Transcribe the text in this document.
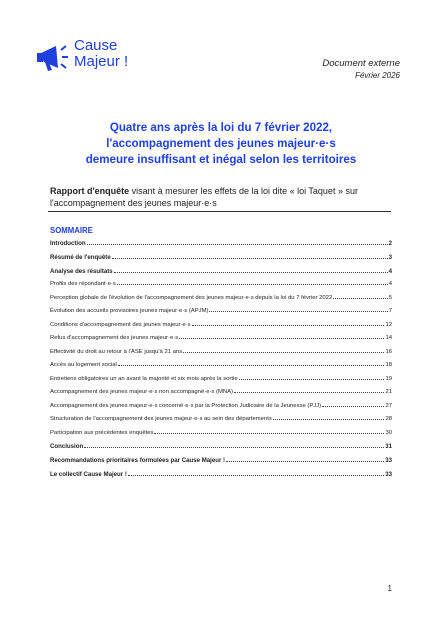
Cause
Majeur !	Document externe
Février 2026
Quatre ans après la loi du 7 février 2022,
l'accompagnement des jeunes majeur·e·s
demeure insuffisant et inégal selon les territoires
Rapport d'enquête visant à mesurer les effets de la loi dite « loi Taquet » sur
l'accompagnement des jeunes majeur·e·s
SOMMAIRE
Introduction	2
Résumé de l'enquête	3
Analyse des résultats	4
Profils des répondant·e·s	4
Perception globale de l'évolution de l'accompagnement des jeunes majeur·e·s depuis la loi du 7 février 2022	5
Évolution des accueils provisoires jeunes majeur·e·s (APJM)	7
Conditions d'accompagnement des jeunes majeur·e·s	12
Refus d'accompagnement des jeunes majeur·e·s	14
Effectivité du droit au retour à l'ASE jusqu'à 21 ans	16
Accès au logement social	18
Entretiens obligatoires un an avant la majorité et six mois après la sortie	19
Accompagnement des jeunes majeur·e·s non accompagné·e·s (MNA)	21
Accompagnement des jeunes majeur·e·s concerné·e·s par la Protection Judiciaire de la Jeunesse (PJJ)	27
Structuration de l'accompagnement des jeunes majeur·e·s au sein des départements	28
Participation aux précédentes enquêtes	30
Conclusion	31
Recommandations prioritaires formulées par Cause Majeur !	33
Le collectif Cause Majeur !	33
1
